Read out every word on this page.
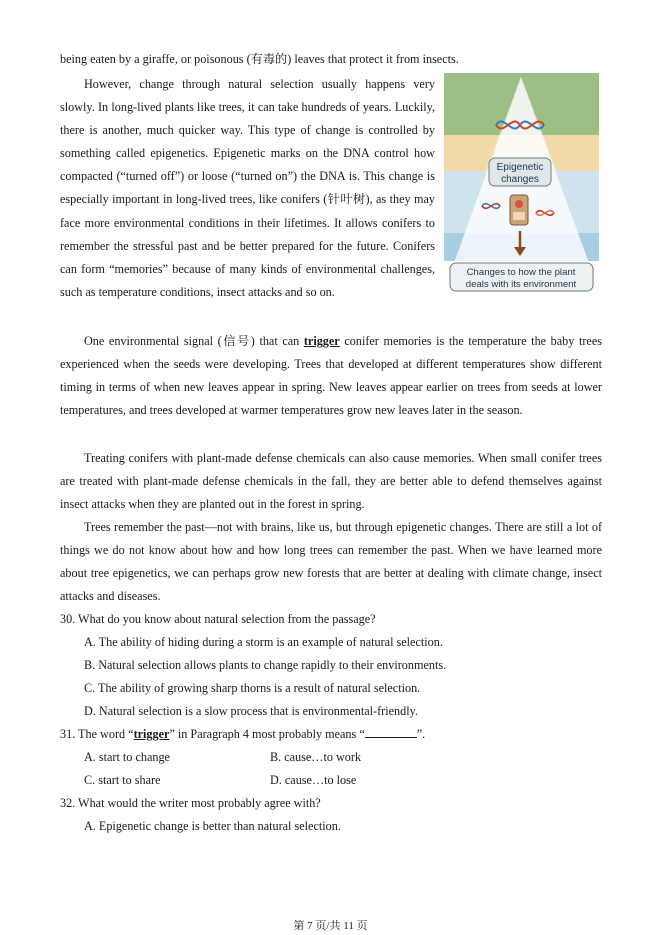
being eaten by a giraffe, or poisonous (有毒的) leaves that protect it from insects.

However, change through natural selection usually happens very slowly. In long-lived plants like trees, it can take hundreds of years. Luckily, there is another, much quicker way. This type of change is controlled by something called epigenetics. Epigenetic marks on the DNA control how compacted (“turned off”) or loose (“turned on”) the DNA is. This change is especially important in long-lived trees, like conifers (针叶树), as they may face more environmental conditions in their lifetimes. It allows conifers to remember the stressful past and be better prepared for the future. Conifers can form “memories” because of many kinds of environmental challenges, such as temperature conditions, insect attacks and so on.

Epigenetic
changes
Changes to how the plant
deals with its environment

One environmental signal (信号) that can trigger conifer memories is the temperature the baby trees experienced when the seeds were developing. Trees that developed at different temperatures show different timing in terms of when new leaves appear in spring. New leaves appear earlier on trees from seeds at lower temperatures, and trees developed at warmer temperatures grow new leaves later in the season.

Treating conifers with plant-made defense chemicals can also cause memories. When small conifer trees are treated with plant-made defense chemicals in the fall, they are better able to defend themselves against insect attacks when they are planted out in the forest in spring.

Trees remember the past—not with brains, like us, but through epigenetic changes. There are still a lot of things we do not know about how and how long trees can remember the past. When we have learned more about tree epigenetics, we can perhaps grow new forests that are better at dealing with climate change, insect attacks and diseases.

30. What do you know about natural selection from the passage?
A. The ability of hiding during a storm is an example of natural selection.
B. Natural selection allows plants to change rapidly to their environments.
C. The ability of growing sharp thorns is a result of natural selection.
D. Natural selection is a slow process that is environmental-friendly.
31. The word “trigger” in Paragraph 4 most probably means “	”.
A. start to change	B. cause…to work
C. start to share	D. cause…to lose
32. What would the writer most probably agree with?
A. Epigenetic change is better than natural selection.
第 7 页/共 11 页
